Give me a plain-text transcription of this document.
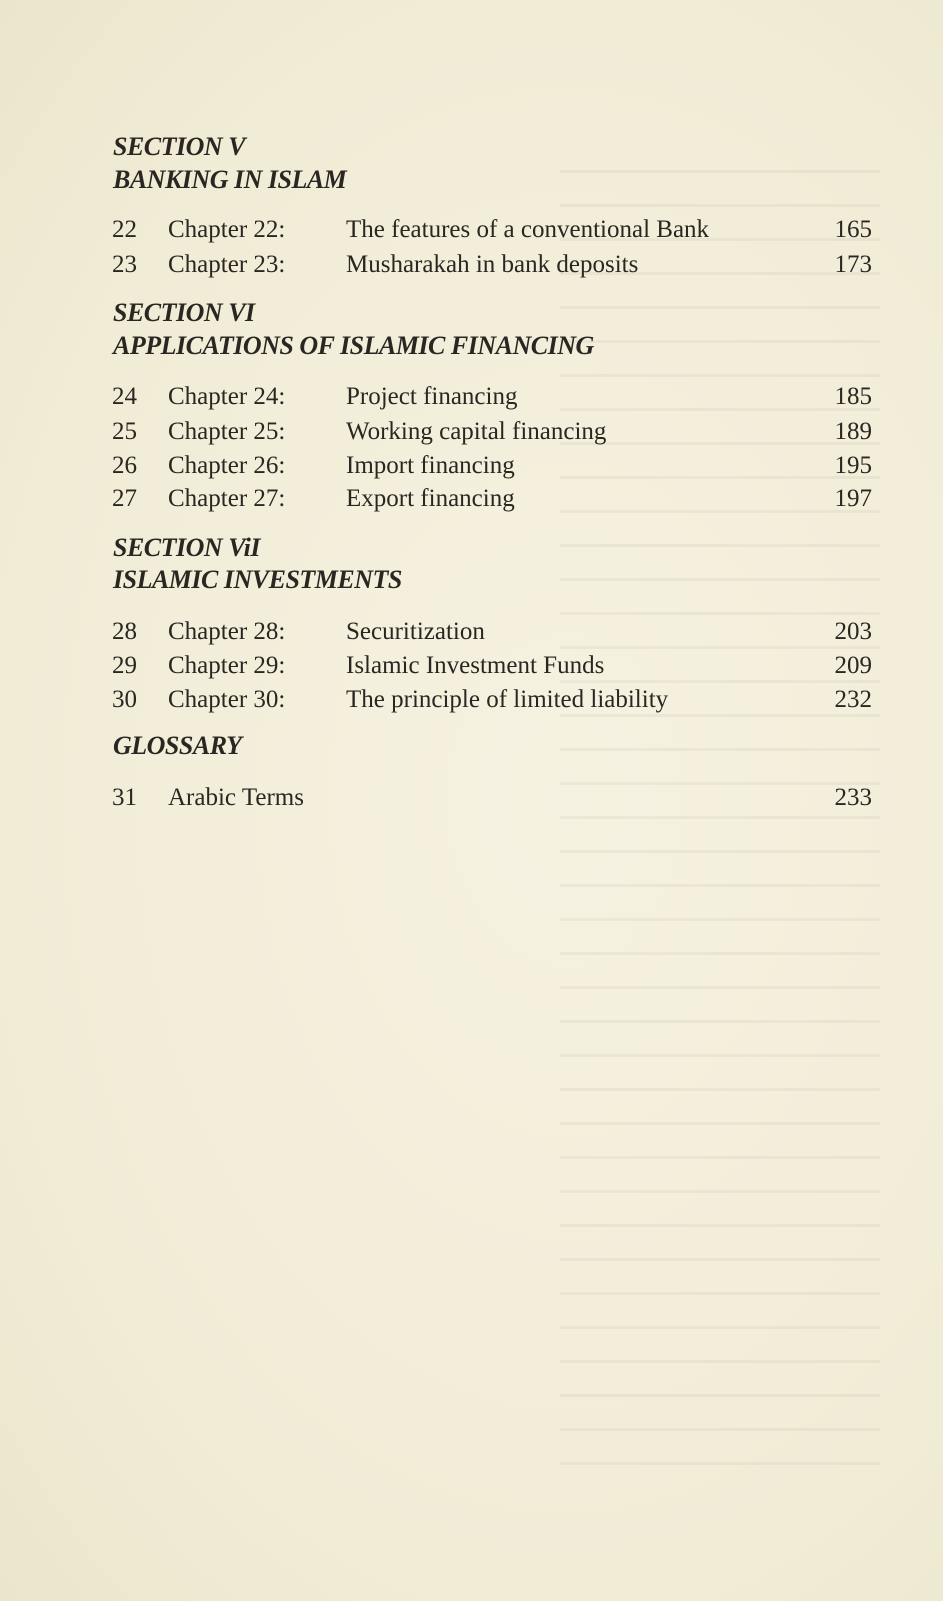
SECTION V
BANKING IN ISLAM
22 Chapter 22: The features of a conventional Bank	165
23 Chapter 23: Musharakah in bank deposits	173
SECTION VI
APPLICATIONS OF ISLAMIC FINANCING
24 Chapter 24: Project financing	185
25 Chapter 25: Working capital financing	189
26 Chapter 26: Import financing	195
27 Chapter 27: Export financing	197
SECTION ViI
ISLAMIC INVESTMENTS
28 Chapter 28: Securitization	203
29 Chapter 29: Islamic Investment Funds	209
30 Chapter 30: The principle of limited liability	232
GLOSSARY
31 Arabic Terms	233
